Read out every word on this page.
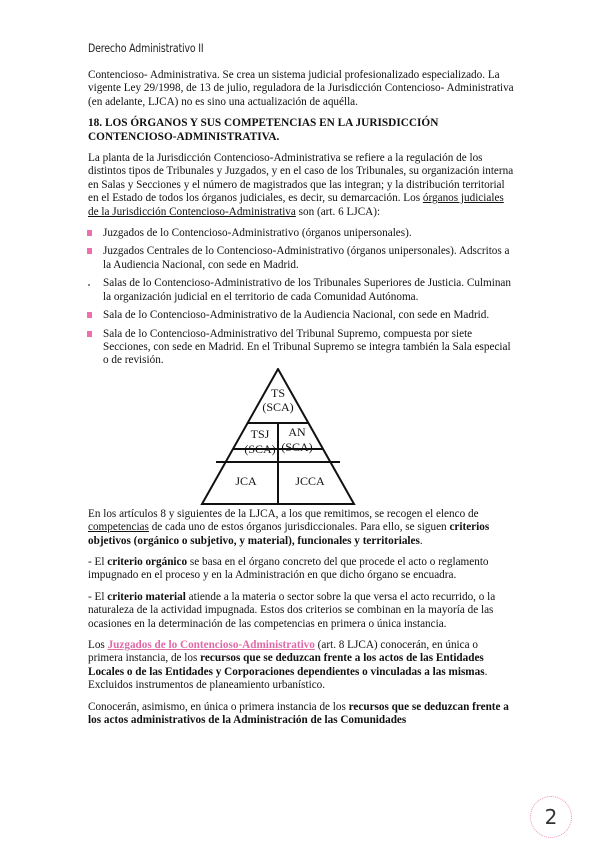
Derecho Administrativo II

Contencioso- Administrativa. Se crea un sistema judicial profesionalizado especializado. La vigente Ley 29/1998, de 13 de julio, reguladora de la Jurisdicción Contencioso- Administrativa (en adelante, LJCA) no es sino una actualización de aquélla.

18. LOS ÓRGANOS Y SUS COMPETENCIAS EN LA JURISDICCIÓN CONTENCIOSO-ADMINISTRATIVA.

La planta de la Jurisdicción Contencioso-Administrativa se refiere a la regulación de los distintos tipos de Tribunales y Juzgados, y en el caso de los Tribunales, su organización interna en Salas y Secciones y el número de magistrados que las integran; y la distribución territorial en el Estado de todos los órganos judiciales, es decir, su demarcación. Los órganos judiciales de la Jurisdicción Contencioso-Administrativa son (art. 6 LJCA):

Juzgados de lo Contencioso-Administrativo (órganos unipersonales).
Juzgados Centrales de lo Contencioso-Administrativo (órganos unipersonales). Adscritos a la Audiencia Nacional, con sede en Madrid.
Salas de lo Contencioso-Administrativo de los Tribunales Superiores de Justicia. Culminan la organización judicial en el territorio de cada Comunidad Autónoma.
Sala de lo Contencioso-Administrativo de la Audiencia Nacional, con sede en Madrid.
Sala de lo Contencioso-Administrativo del Tribunal Supremo, compuesta por siete Secciones, con sede en Madrid. En el Tribunal Supremo se integra también la Sala especial o de revisión.
TS
(SCA)
TSJ
(SCA)
AN
(SCA)
JCA	JCCA

En los artículos 8 y siguientes de la LJCA, a los que remitimos, se recogen el elenco de competencias de cada uno de estos órganos jurisdiccionales. Para ello, se siguen criterios objetivos (orgánico o subjetivo, y material), funcionales y territoriales.

- El criterio orgánico se basa en el órgano concreto del que procede el acto o reglamento impugnado en el proceso y en la Administración en que dicho órgano se encuadra.

- El criterio material atiende a la materia o sector sobre la que versa el acto recurrido, o la naturaleza de la actividad impugnada. Estos dos criterios se combinan en la mayoría de las ocasiones en la determinación de las competencias en primera o única instancia.

Los Juzgados de lo Contencioso-Administrativo (art. 8 LJCA) conocerán, en única o primera instancia, de los recursos que se deduzcan frente a los actos de las Entidades Locales o de las Entidades y Corporaciones dependientes o vinculadas a las mismas. Excluidos instrumentos de planeamiento urbanístico.

Conocerán, asimismo, en única o primera instancia de los recursos que se deduzcan frente a los actos administrativos de la Administración de las Comunidades

2
